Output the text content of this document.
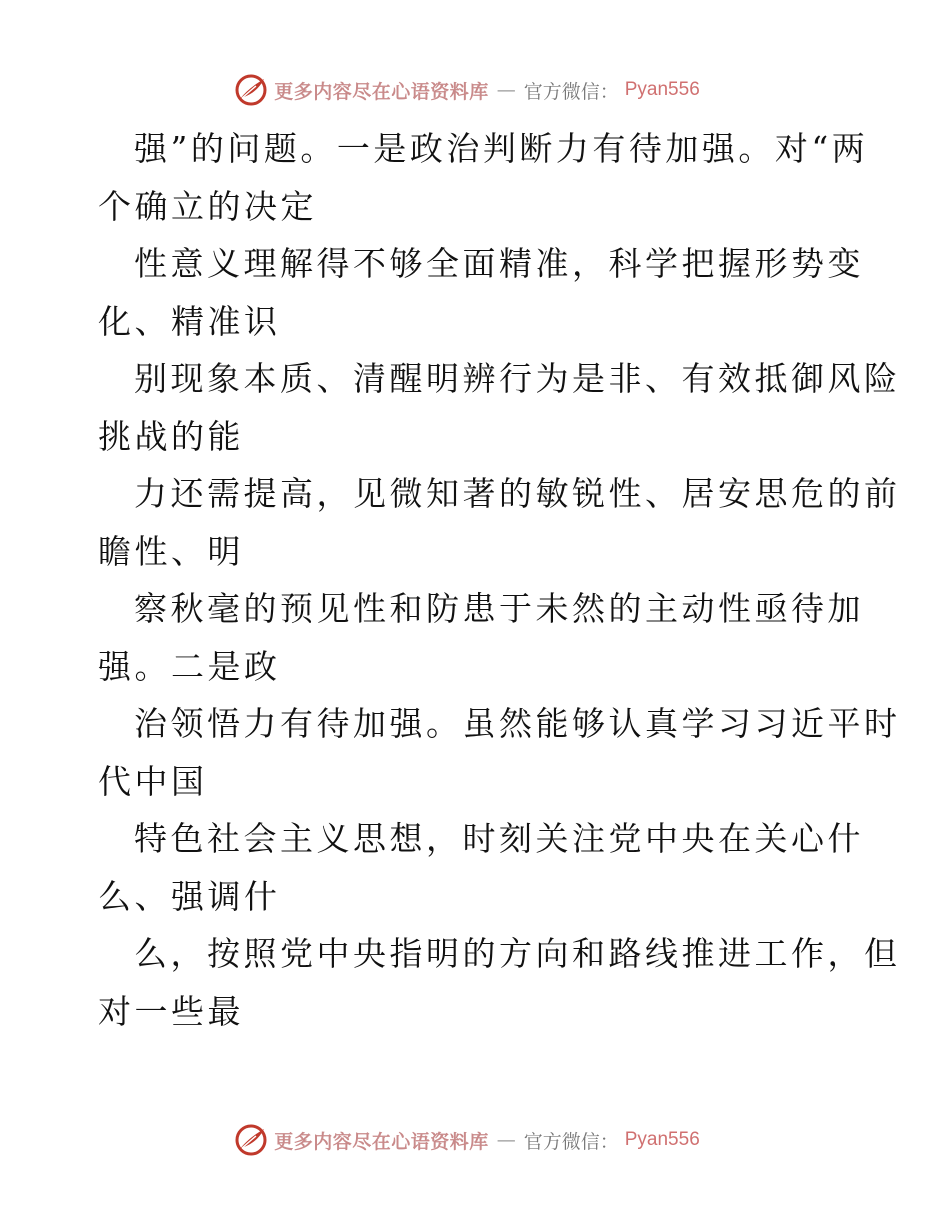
更多内容尽在心语资料库 — 官方微信： Pyan556
强”的问题。一是政治判断力有待加强。对“两
个确立的决定
性意义理解得不够全面精准，科学把握形势变
化、精准识
别现象本质、清醒明辨行为是非、有效抵御风险
挑战的能
力还需提高，见微知著的敏锐性、居安思危的前
瞻性、明
察秋毫的预见性和防患于未然的主动性亟待加
强。二是政
治领悟力有待加强。虽然能够认真学习习近平时
代中国
特色社会主义思想，时刻关注党中央在关心什
么、强调什
么，按照党中央指明的方向和路线推进工作，但
对一些最
更多内容尽在心语资料库 — 官方微信： Pyan556
